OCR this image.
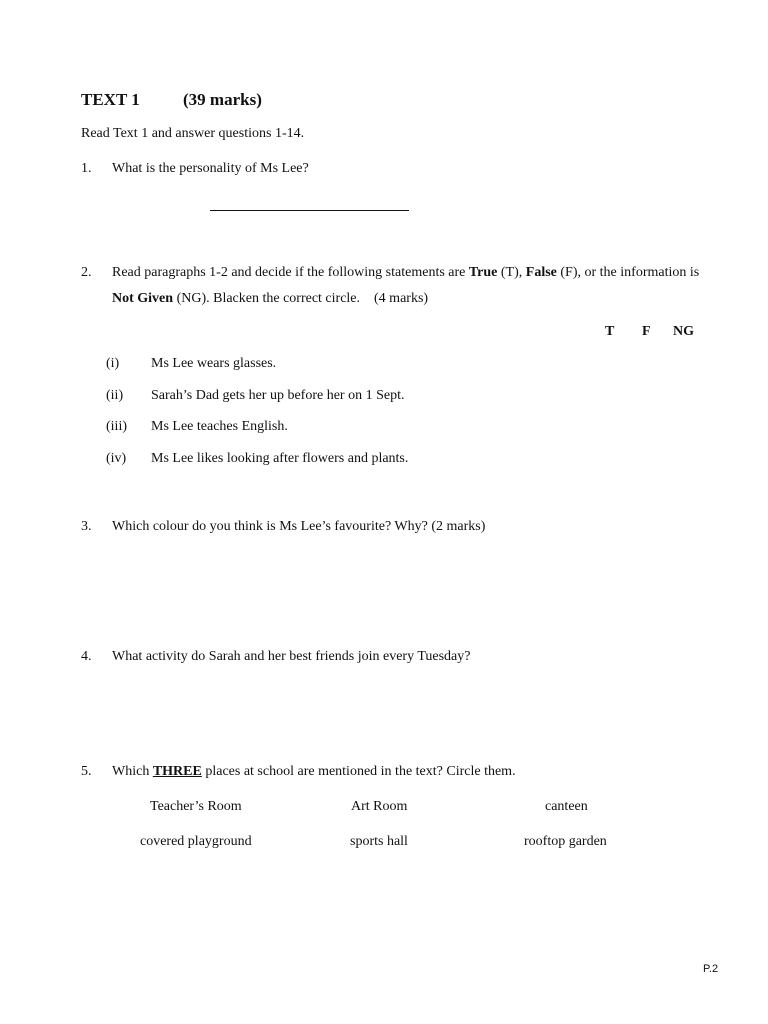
TEXT 1	(39 marks)
Read Text 1 and answer questions 1-14.
1. What is the personality of Ms Lee?
2. Read paragraphs 1-2 and decide if the following statements are True (T), False (F), or the information is
Not Given (NG). Blacken the correct circle.    (4 marks)
T F NG
(i) Ms Lee wears glasses.
(ii) Sarah’s Dad gets her up before her on 1 Sept.
(iii) Ms Lee teaches English.
(iv) Ms Lee likes looking after flowers and plants.
3. Which colour do you think is Ms Lee’s favourite? Why? (2 marks)
4. What activity do Sarah and her best friends join every Tuesday?
5. Which THREE places at school are mentioned in the text? Circle them.
Teacher’s Room	Art Room	canteen
covered playground	sports hall	rooftop garden
P.2
